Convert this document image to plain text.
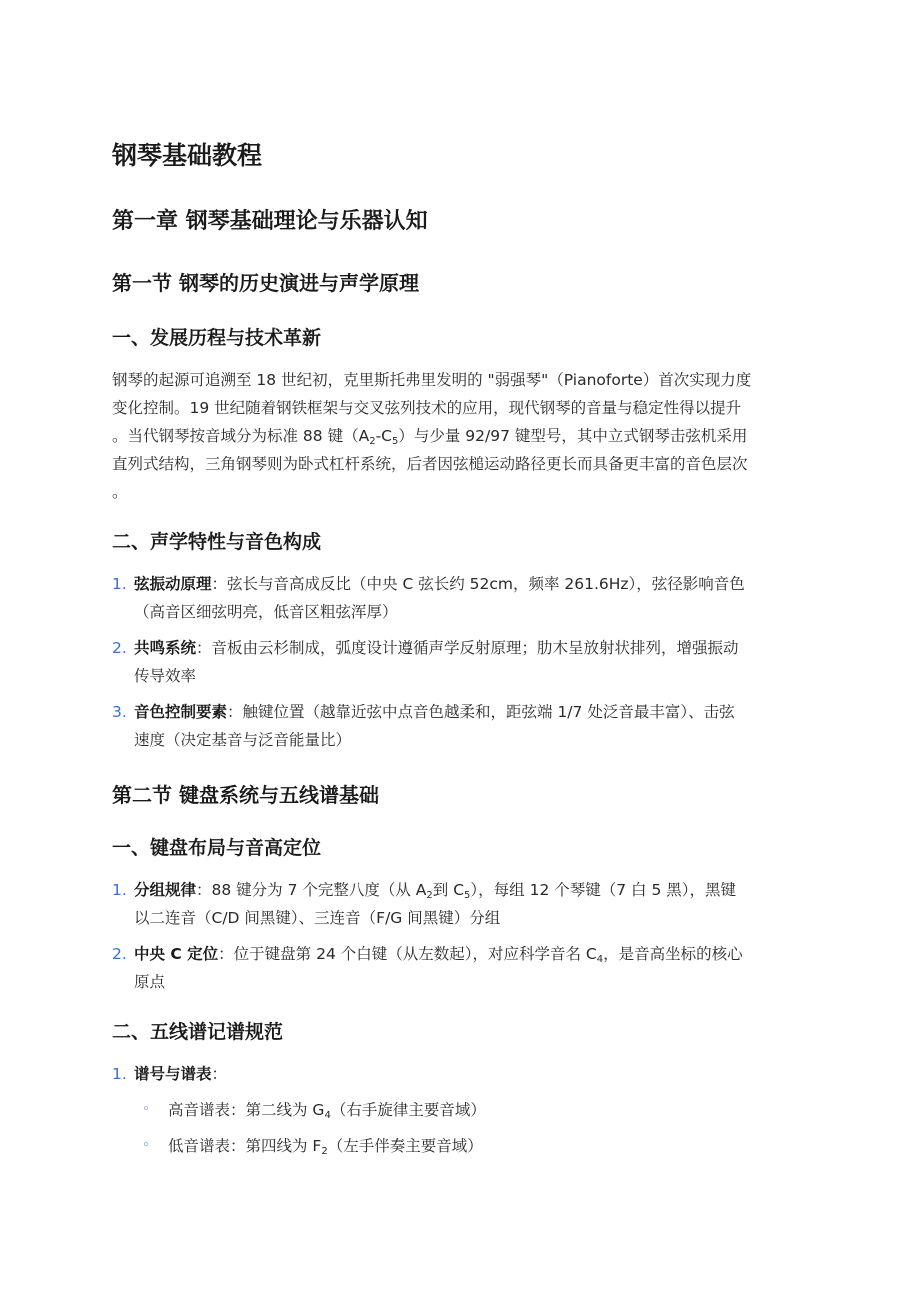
钢琴基础教程
第一章 钢琴基础理论与乐器认知
第一节 钢琴的历史演进与声学原理
一、发展历程与技术革新

钢琴的起源可追溯至 18 世纪初，克里斯托弗里发明的 "弱强琴"（Pianoforte）首次实现力度
变化控制。19 世纪随着钢铁框架与交叉弦列技术的应用，现代钢琴的音量与稳定性得以提升
。当代钢琴按音域分为标准 88 键$(A_2-C_5)$与少量 92/97 键型号，其中立式钢琴击弦机采用
直列式结构，三角钢琴则为卧式杠杆系统，后者因弦槌运动路径更长而具备更丰富的音色层次
。

二、声学特性与音色构成
1. 弦振动原理：弦长与音高成反比（中央 C 弦长约 52cm，频率 261.6Hz），弦径影响音色
（高音区细弦明亮，低音区粗弦浑厚）
2. 共鸣系统：音板由云杉制成，弧度设计遵循声学反射原理；肋木呈放射状排列，增强振动
传导效率
3. 音色控制要素：触键位置（越靠近弦中点音色越柔和，距弦端 1/7 处泛音最丰富）、击弦
速度（决定基音与泛音能量比）
第二节 键盘系统与五线谱基础
一、键盘布局与音高定位
1. 分组规律：88 键分为 7 个完整八度（从 $A_2$到 $C_5$），每组 12 个琴键（7 白 5 黑），黑键
以二连音（C/D 间黑键）、三连音（F/G 间黑键）分组
2. 中央 C 定位：位于键盘第 24 个白键（从左数起），对应科学音名 $C_4$，是音高坐标的核心
原点
二、五线谱记谱规范
1. 谱号与谱表：
◦ 高音谱表：第二线为 $G_4$（右手旋律主要音域）
◦ 低音谱表：第四线为 $F_2$（左手伴奏主要音域）
